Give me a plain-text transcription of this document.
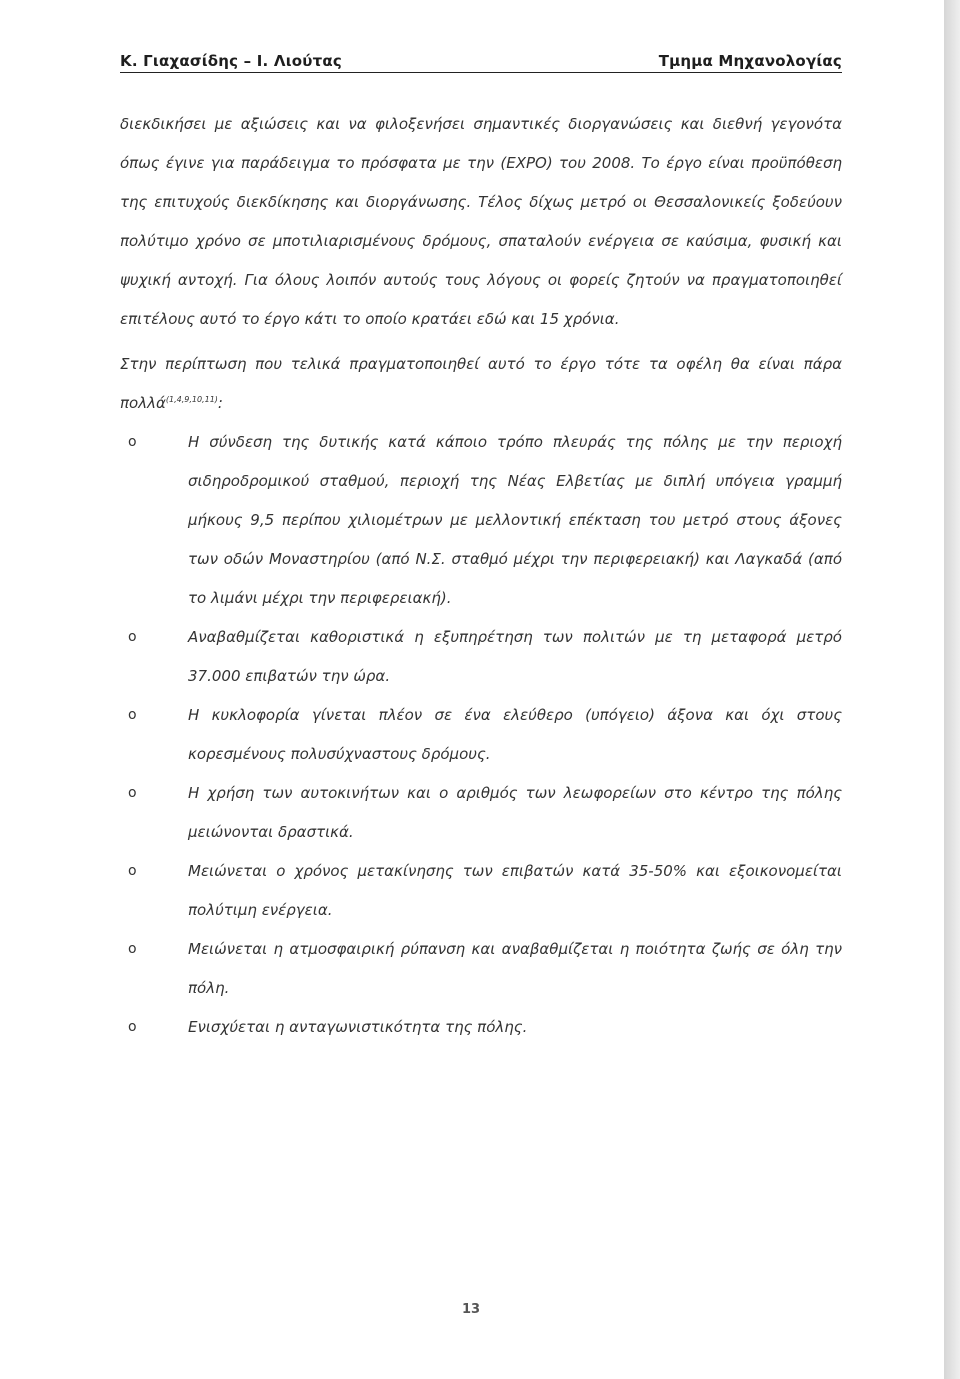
Κ. Γιαχασίδης – Ι. Λιούτας	Τμημα Μηχανολογίας

διεκδικήσει με αξιώσεις και να φιλοξενήσει σημαντικές διοργανώσεις και διεθνή γεγονότα όπως έγινε για παράδειγμα το πρόσφατα με την (EXPO) του 2008. Το έργο είναι προϋπόθεση της επιτυχούς διεκδίκησης και διοργάνωσης. Τέλος δίχως μετρό οι Θεσσαλονικείς ξοδεύουν πολύτιμο χρόνο σε μποτιλιαρισμένους δρόμους, σπαταλούν ενέργεια σε καύσιμα, φυσική και ψυχική αντοχή. Για όλους λοιπόν αυτούς τους λόγους οι φορείς ζητούν να πραγματοποιηθεί επιτέλους αυτό το έργο κάτι το οποίο κρατάει εδώ και 15 χρόνια.

Στην περίπτωση που τελικά πραγματοποιηθεί αυτό το έργο τότε τα οφέλη θα είναι πάρα πολλά$^{(1,4,9,10,11)}$:

o	Η σύνδεση της δυτικής κατά κάποιο τρόπο πλευράς της πόλης με την περιοχή σιδηροδρομικού σταθμού, περιοχή της Νέας Ελβετίας με διπλή υπόγεια γραμμή μήκους 9,5 περίπου χιλιομέτρων με μελλοντική επέκταση του μετρό στους άξονες των οδών Μοναστηρίου (από Ν.Σ. σταθμό μέχρι την περιφερειακή) και Λαγκαδά (από το λιμάνι μέχρι την περιφερειακή).
o	Αναβαθμίζεται καθοριστικά η εξυπηρέτηση των πολιτών με τη μεταφορά μετρό 37.000 επιβατών την ώρα.
o	Η κυκλοφορία γίνεται πλέον σε ένα ελεύθερο (υπόγειο) άξονα και όχι στους κορεσμένους πολυσύχναστους δρόμους.
o	Η χρήση των αυτοκινήτων και ο αριθμός των λεωφορείων στο κέντρο της πόλης μειώνονται δραστικά.
o	Μειώνεται ο χρόνος μετακίνησης των επιβατών κατά 35-50% και εξοικονομείται πολύτιμη ενέργεια.
o	Μειώνεται η ατμοσφαιρική ρύπανση και αναβαθμίζεται η ποιότητα ζωής σε όλη την πόλη.
o	Ενισχύεται η ανταγωνιστικότητα της πόλης.
13
